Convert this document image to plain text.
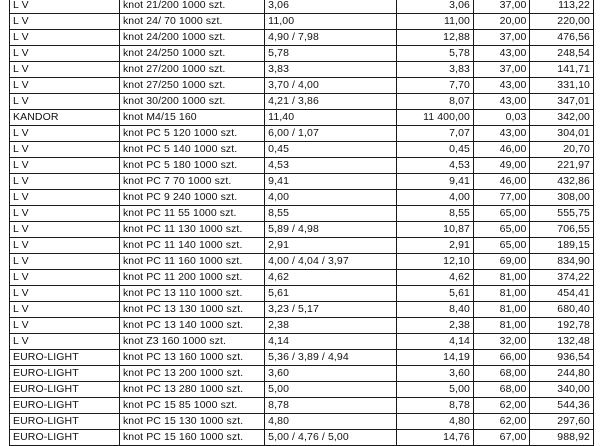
L V	knot 21/200 1000 szt.	3,06	3,06	37,00	113,22
L V	knot 24/ 70 1000 szt.	11,00	11,00	20,00	220,00
L V	knot 24/200 1000 szt.	4,90 / 7,98	12,88	37,00	476,56
L V	knot 24/250 1000 szt.	5,78	5,78	43,00	248,54
L V	knot 27/200 1000 szt.	3,83	3,83	37,00	141,71
L V	knot 27/250 1000 szt.	3,70 / 4,00	7,70	43,00	331,10
L V	knot 30/200 1000 szt.	4,21 / 3,86	8,07	43,00	347,01
KANDOR	knot M4/15 160	11,40	11 400,00	0,03	342,00
L V	knot PC 5 120 1000 szt.	6,00 / 1,07	7,07	43,00	304,01
L V	knot PC 5 140 1000 szt.	0,45	0,45	46,00	20,70
L V	knot PC 5 180 1000 szt.	4,53	4,53	49,00	221,97
L V	knot PC 7 70 1000 szt.	9,41	9,41	46,00	432,86
L V	knot PC 9 240 1000 szt.	4,00	4,00	77,00	308,00
L V	knot PC 11 55 1000 szt.	8,55	8,55	65,00	555,75
L V	knot PC 11 130 1000 szt.	5,89 / 4,98	10,87	65,00	706,55
L V	knot PC 11 140 1000 szt.	2,91	2,91	65,00	189,15
L V	knot PC 11 160 1000 szt.	4,00 / 4,04 / 3,97	12,10	69,00	834,90
L V	knot PC 11 200 1000 szt.	4,62	4,62	81,00	374,22
L V	knot PC 13 110 1000 szt.	5,61	5,61	81,00	454,41
L V	knot PC 13 130 1000 szt.	3,23 / 5,17	8,40	81,00	680,40
L V	knot PC 13 140 1000 szt.	2,38	2,38	81,00	192,78
L V	knot Z3 160 1000 szt.	4,14	4,14	32,00	132,48
EURO-LIGHT	knot PC 13 160 1000 szt.	5,36 / 3,89 / 4,94	14,19	66,00	936,54
EURO-LIGHT	knot PC 13 200 1000 szt.	3,60	3,60	68,00	244,80
EURO-LIGHT	knot PC 13 280 1000 szt.	5,00	5,00	68,00	340,00
EURO-LIGHT	knot PC 15 85 1000 szt.	8,78	8,78	62,00	544,36
EURO-LIGHT	knot PC 15 130 1000 szt.	4,80	4,80	62,00	297,60
EURO-LIGHT	knot PC 15 160 1000 szt.	5,00 / 4,76 / 5,00	14,76	67,00	988,92
